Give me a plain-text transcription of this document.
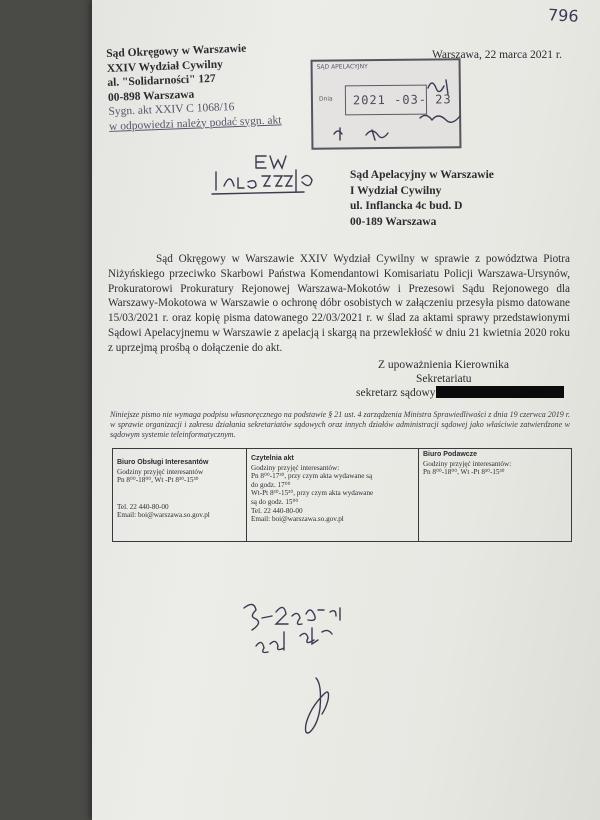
796
Sąd Okręgowy w Warszawie
XXIV Wydział Cywilny
al. "Solidarności" 127
00-898 Warszawa
Sygn. akt XXIV C 1068/16
w odpowiedzi należy podać sygn. akt
Warszawa, 22 marca 2021 r.
SĄD APELACYJNY
Dnia 2021 -03- 23
Sąd Apelacyjny w Warszawie
I Wydział Cywilny
ul. Inflancka 4c bud. D
00-189 Warszawa

Sąd Okręgowy w Warszawie XXIV Wydział Cywilny w sprawie z powództwa Piotra Niżyńskiego przeciwko Skarbowi Państwa Komendantowi Komisariatu Policji Warszawa-Ursynów, Prokuratorowi Prokuratury Rejonowej Warszawa-Mokotów i Prezesowi Sądu Rejonowego dla Warszawy-Mokotowa w Warszawie o ochronę dóbr osobistych w załączeniu przesyła pismo datowane 15/03/2021 r. oraz kopię pisma datowanego 22/03/2021 r. w ślad za aktami sprawy przedstawionymi Sądowi Apelacyjnemu w Warszawie z apelacją i skargą na przewlekłość w dniu 21 kwietnia 2020 roku z uprzejmą prośbą o dołączenie do akt.

Z upoważnienia Kierownika
Sekretariatu
sekretarz sądowy
Niniejsze pismo nie wymaga podpisu własnoręcznego na podstawie § 21 ust. 4 zarządzenia Ministra Sprawiedliwości z dnia 19 czerwca 2019 r. w sprawie organizacji i zakresu działania sekretariatów sądowych oraz innych działów administracji sądowej jako właściwie zatwierdzone w sądowym systemie teleinformatycznym.
Biuro Obsługi Interesantów
Godziny przyjęć interesantów
Pn 8⁰⁰-18⁰⁰, Wt -Pt 8³⁰-15³⁰
Tel. 22 440-80-00
Email: boi@warszawa.so.gov.pl
Czytelnia akt
Godziny przyjęć interesantów:
Pn 8⁰⁰-17³⁰, przy czym akta wydawane są
do godz. 17⁰⁰
Wt-Pt 8³⁰-15³⁰, przy czym akta wydawane
są do godz. 15⁰⁰
Tel. 22 440-80-00
Email: boi@warszawa.so.gov.pl
Biuro Podawcze
Godziny przyjęć interesantów:
Pn 8⁰⁰-18⁰⁰, Wt -Pt 8³⁰-15³⁰
